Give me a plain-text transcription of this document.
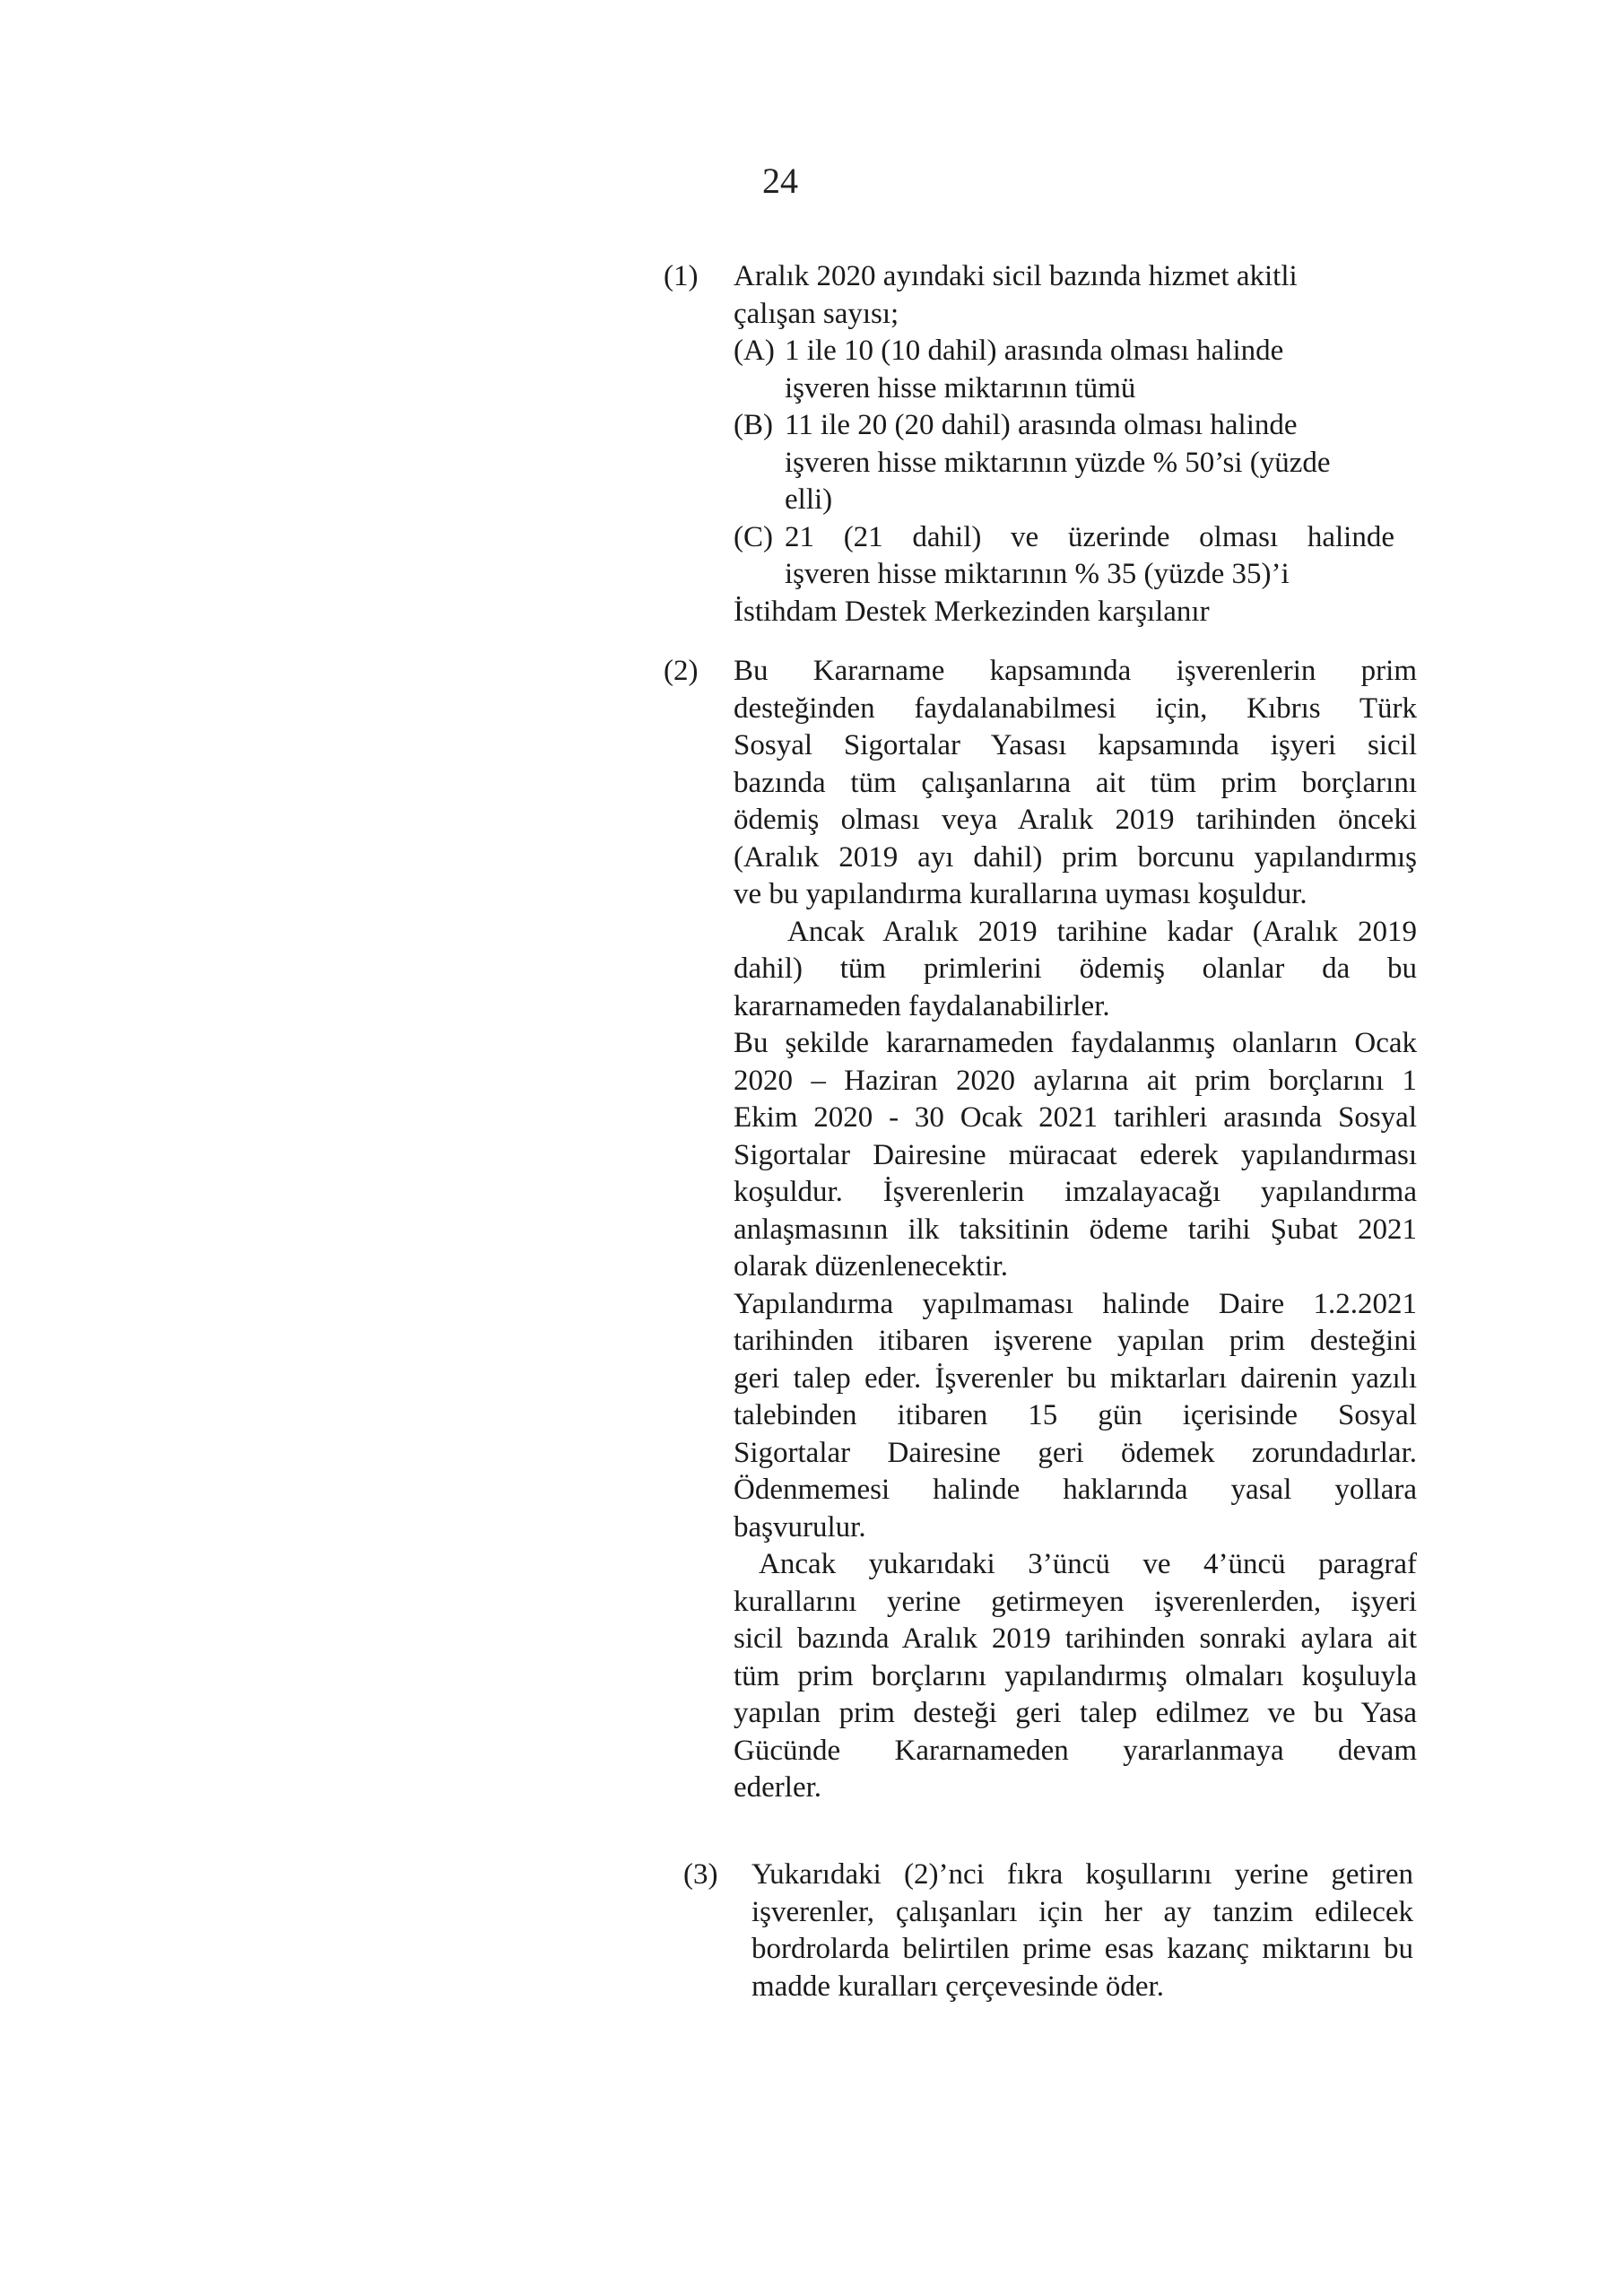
24
(1) Aralık 2020 ayındaki sicil bazında hizmet akitli
çalışan sayısı;
(A) 1 ile 10 (10 dahil) arasında olması halinde
işveren hisse miktarının tümü
(B) 11 ile 20 (20 dahil) arasında olması halinde
işveren hisse miktarının yüzde % 50’si (yüzde
elli)
(C) 21 (21 dahil) ve üzerinde olması halinde
işveren hisse miktarının % 35 (yüzde 35)’i
İstihdam Destek Merkezinden karşılanır
(2) Bu Kararname kapsamında işverenlerin prim
desteğinden faydalanabilmesi için, Kıbrıs Türk
Sosyal Sigortalar Yasası kapsamında işyeri sicil
bazında tüm çalışanlarına ait tüm prim borçlarını
ödemiş olması veya Aralık 2019 tarihinden önceki
(Aralık 2019 ayı dahil) prim borcunu yapılandırmış
ve bu yapılandırma kurallarına uyması koşuldur.
Ancak Aralık 2019 tarihine kadar (Aralık 2019
dahil) tüm primlerini ödemiş olanlar da bu
kararnameden faydalanabilirler.
Bu şekilde kararnameden faydalanmış olanların Ocak
2020 – Haziran 2020 aylarına ait prim borçlarını 1
Ekim 2020 - 30 Ocak 2021 tarihleri arasında Sosyal
Sigortalar Dairesine müracaat ederek yapılandırması
koşuldur. İşverenlerin imzalayacağı yapılandırma
anlaşmasının ilk taksitinin ödeme tarihi Şubat 2021
olarak düzenlenecektir.
Yapılandırma yapılmaması halinde Daire 1.2.2021
tarihinden itibaren işverene yapılan prim desteğini
geri talep eder. İşverenler bu miktarları dairenin yazılı
talebinden itibaren 15 gün içerisinde Sosyal
Sigortalar Dairesine geri ödemek zorundadırlar.
Ödenmemesi halinde haklarında yasal yollara
başvurulur.
Ancak yukarıdaki 3’üncü ve 4’üncü paragraf
kurallarını yerine getirmeyen işverenlerden, işyeri
sicil bazında Aralık 2019 tarihinden sonraki aylara ait
tüm prim borçlarını yapılandırmış olmaları koşuluyla
yapılan prim desteği geri talep edilmez ve bu Yasa
Gücünde Kararnameden yararlanmaya devam
ederler.
(3) Yukarıdaki (2)’nci fıkra koşullarını yerine getiren
işverenler, çalışanları için her ay tanzim edilecek
bordrolarda belirtilen prime esas kazanç miktarını bu
madde kuralları çerçevesinde öder.
